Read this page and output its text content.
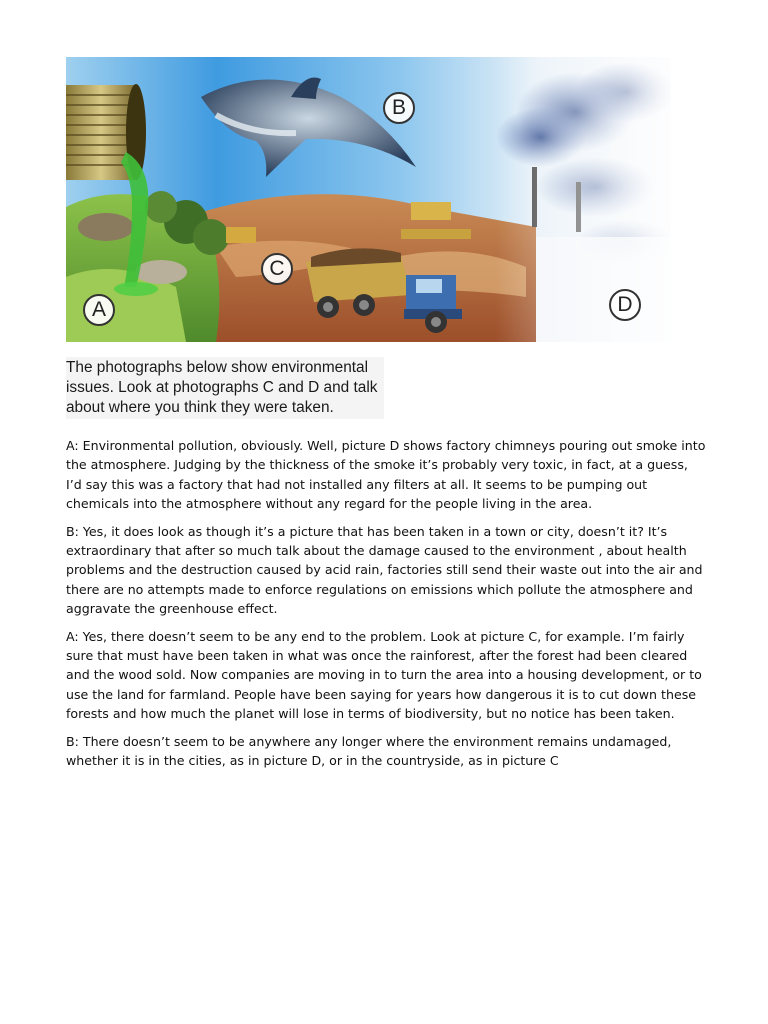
A
B
C
D
The photographs below show environmental
issues. Look at photographs C and D and talk
about where you think they were taken.

A: Environmental pollution, obviously. Well, picture D shows factory chimneys pouring out smoke into the atmosphere. Judging by the thickness of the smoke it’s probably very toxic, in fact, at a guess, I’d say this was a factory that had not installed any filters at all. It seems to be pumping out chemicals into the atmosphere without any regard for the people living in the area.

B: Yes, it does look as though it’s a picture that has been taken in a town or city, doesn’t it? It’s extraordinary that after so much talk about the damage caused to the environment , about health problems and the destruction caused by acid rain, factories still send their waste out into the air and there are no attempts made to enforce regulations on emissions which pollute the atmosphere and aggravate the greenhouse effect.

A: Yes, there doesn’t seem to be any end to the problem. Look at picture C, for example. I’m fairly sure that must have been taken in what was once the rainforest, after the forest had been cleared and the wood sold. Now companies are moving in to turn the area into a housing development, or to use the land for farmland. People have been saying for years how dangerous it is to cut down these forests and how much the planet will lose in terms of biodiversity, but no notice has been taken.

B: There doesn’t seem to be anywhere any longer where the environment remains undamaged, whether it is in the cities, as in picture D, or in the countryside, as in picture C
